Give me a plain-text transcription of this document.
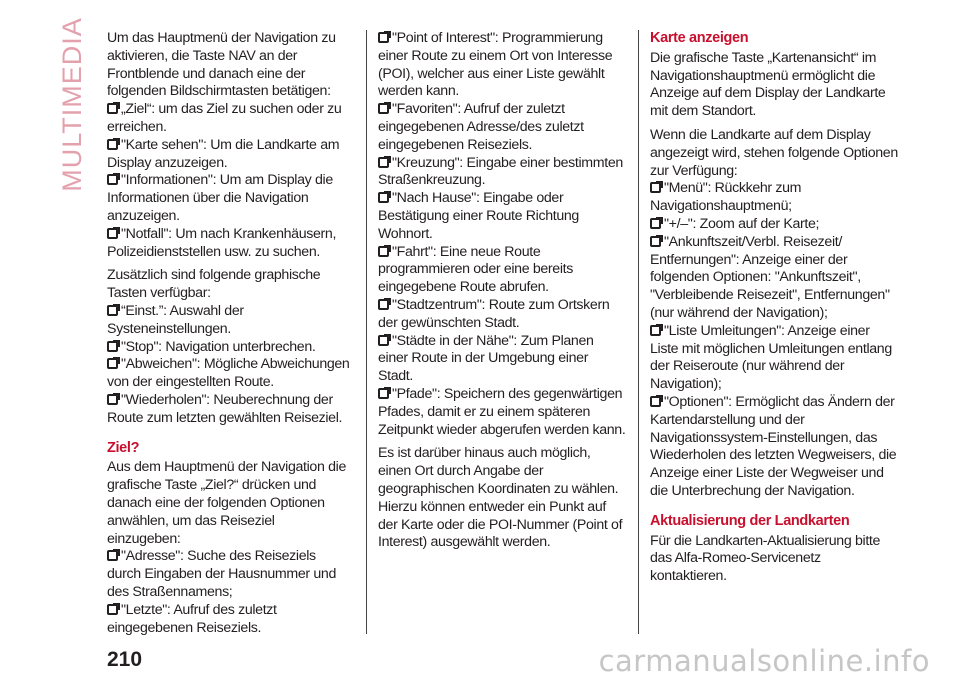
MULTIMEDIA Um das Hauptmenü der Navigation zu aktivieren, die Taste NAV an der Frontblende und danach eine der folgenden Bildschirmtasten betätigen:

„Ziel“: um das Ziel zu suchen oder zu erreichen.

"Karte sehen": Um die Landkarte am Display anzuzeigen.

"Informationen": Um am Display die Informationen über die Navigation anzuzeigen.

"Notfall": Um nach Krankenhäusern, Polizeidienststellen usw. zu suchen.

Zusätzlich sind folgende graphische Tasten verfügbar:

“Einst.”: Auswahl der Systeneinstellungen.

"Stop": Navigation unterbrechen.

"Abweichen": Mögliche Abweichungen von der eingestellten Route.

"Wiederholen": Neuberechnung der Route zum letzten gewählten Reiseziel.

Ziel?

Aus dem Hauptmenü der Navigation die grafische Taste „Ziel?“ drücken und danach eine der folgenden Optionen anwählen, um das Reiseziel einzugeben:

"Adresse": Suche des Reiseziels durch Eingaben der Hausnummer und des Straßennamens;

"Letzte": Aufruf des zuletzt eingegebenen Reiseziels.

"Point of Interest": Programmierung einer Route zu einem Ort von Interesse (POI), welcher aus einer Liste gewählt werden kann.

"Favoriten": Aufruf der zuletzt eingegebenen Adresse/des zuletzt eingegebenen Reiseziels.

"Kreuzung": Eingabe einer bestimmten Straßenkreuzung.

"Nach Hause": Eingabe oder Bestätigung einer Route Richtung Wohnort.

"Fahrt": Eine neue Route programmieren oder eine bereits eingegebene Route abrufen.

"Stadtzentrum": Route zum Ortskern der gewünschten Stadt.

"Städte in der Nähe": Zum Planen einer Route in der Umgebung einer Stadt.

"Pfade": Speichern des gegenwärtigen Pfades, damit er zu einem späteren Zeitpunkt wieder abgerufen werden kann.

Es ist darüber hinaus auch möglich, einen Ort durch Angabe der geographischen Koordinaten zu wählen. Hierzu können entweder ein Punkt auf der Karte oder die POI-Nummer (Point of Interest) ausgewählt werden.

Karte anzeigen

Die grafische Taste „Kartenansicht“ im Navigationshauptmenü ermöglicht die Anzeige auf dem Display der Landkarte mit dem Standort.

Wenn die Landkarte auf dem Display angezeigt wird, stehen folgende Optionen zur Verfügung:

"Menü": Rückkehr zum Navigationshauptmenü;

"+/–": Zoom auf der Karte;

"Ankunftszeit/Verbl. Reisezeit/ Entfernungen": Anzeige einer der folgenden Optionen: "Ankunftszeit", "Verbleibende Reisezeit", Entfernungen" (nur während der Navigation);

"Liste Umleitungen": Anzeige einer Liste mit möglichen Umleitungen entlang der Reiseroute (nur während der Navigation);

"Optionen": Ermöglicht das Ändern der Kartendarstellung und der Navigationssystem-Einstellungen, das Wiederholen des letzten Wegweisers, die Anzeige einer Liste der Wegweiser und die Unterbrechung der Navigation.

Aktualisierung der Landkarten

Für die Landkarten-Aktualisierung bitte das Alfa-Romeo-Servicenetz kontaktieren.

210	carmanualsonline.info
